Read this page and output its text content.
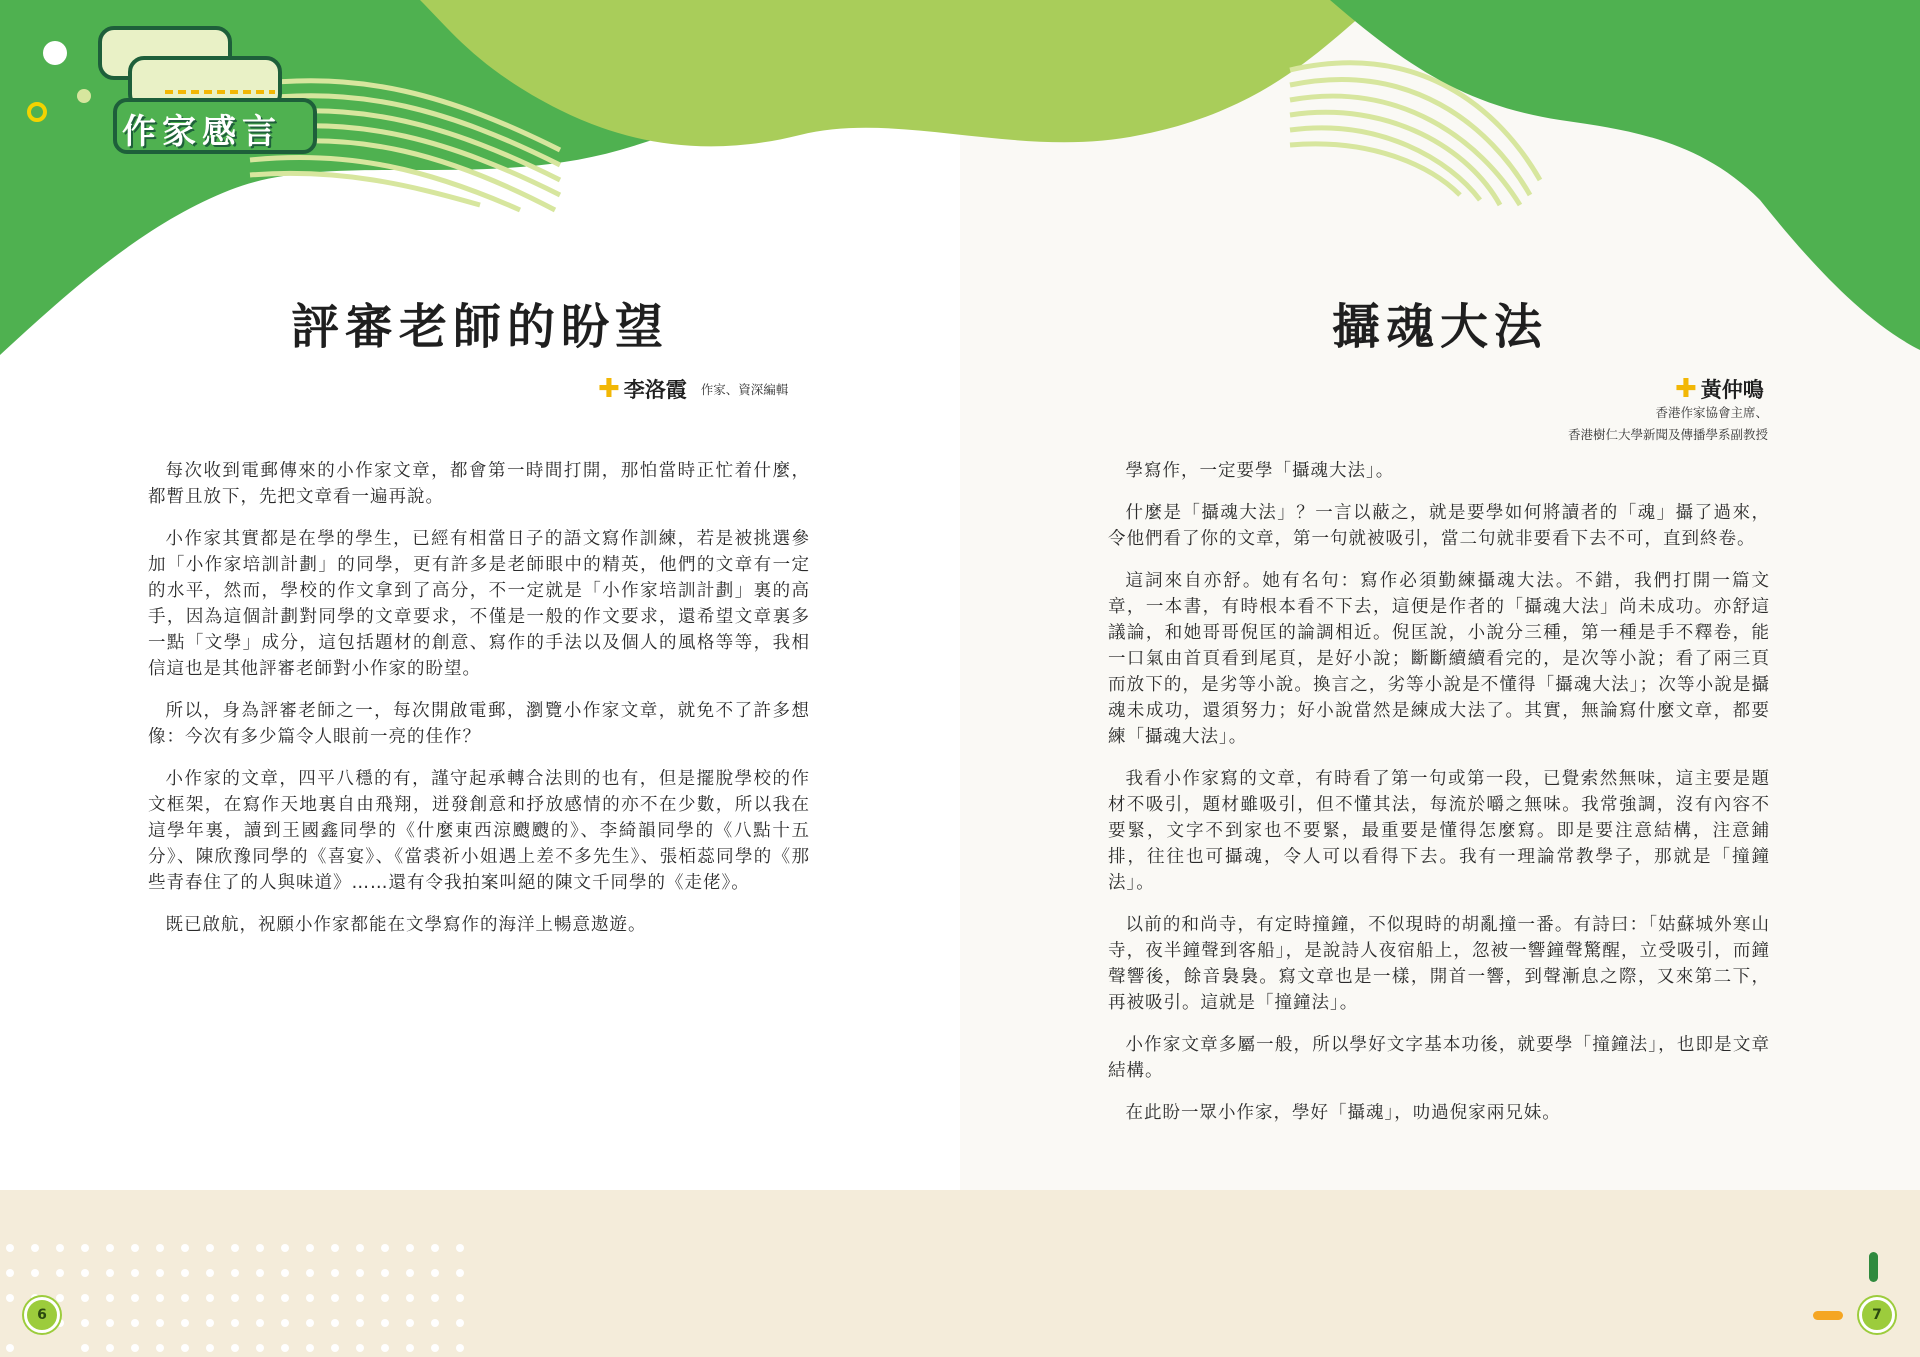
作 家 感 言
評審老師的盼望
✚ 李洛霞 作家、資深編輯

每次收到電郵傳來的小作家文章，都會第一時間打開，那怕當時正忙着什麼，都暫且放下，先把文章看一遍再說。

小作家其實都是在學的學生，已經有相當日子的語文寫作訓練，若是被挑選參加「小作家培訓計劃」的同學，更有許多是老師眼中的精英，他們的文章有一定的水平，然而，學校的作文拿到了高分，不一定就是「小作家培訓計劃」裏的高手，因為這個計劃對同學的文章要求，不僅是一般的作文要求，還希望文章裏多一點「文學」成分，這包括題材的創意、寫作的手法以及個人的風格等等，我相信這也是其他評審老師對小作家的盼望。

所以，身為評審老師之一，每次開啟電郵，瀏覽小作家文章，就免不了許多想像：今次有多少篇令人眼前一亮的佳作？

小作家的文章，四平八穩的有，謹守起承轉合法則的也有，但是擺脫學校的作文框架，在寫作天地裏自由飛翔，迸發創意和抒放感情的亦不在少數，所以我在這學年裏，讀到王國鑫同學的《什麼東西涼颼颼的》、李綺韻同學的《八點十五分》、陳欣豫同學的《喜宴》、《當裘祈小姐遇上差不多先生》、張栢蕊同學的《那些青春住了的人與味道》……還有令我拍案叫絕的陳文千同學的《走佬》。

既已啟航，祝願小作家都能在文學寫作的海洋上暢意遨遊。

攝魂大法
✚ 黃仲鳴
香港作家協會主席、
香港樹仁大學新聞及傳播學系副教授

學寫作，一定要學「攝魂大法」。

什麼是「攝魂大法」？一言以蔽之，就是要學如何將讀者的「魂」攝了過來，令他們看了你的文章，第一句就被吸引，當二句就非要看下去不可，直到終卷。

這詞來自亦舒。她有名句：寫作必須勤練攝魂大法。不錯，我們打開一篇文章，一本書，有時根本看不下去，這便是作者的「攝魂大法」尚未成功。亦舒這議論，和她哥哥倪匡的論調相近。倪匡說，小說分三種，第一種是手不釋卷，能一口氣由首頁看到尾頁，是好小說；斷斷續續看完的，是次等小說；看了兩三頁而放下的，是劣等小說。換言之，劣等小說是不懂得「攝魂大法」；次等小說是攝魂未成功，還須努力；好小說當然是練成大法了。其實，無論寫什麼文章，都要練「攝魂大法」。

我看小作家寫的文章，有時看了第一句或第一段，已覺索然無味，這主要是題材不吸引，題材雖吸引，但不懂其法，每流於嚼之無味。我常強調，沒有內容不要緊，文字不到家也不要緊，最重要是懂得怎麼寫。即是要注意結構，注意鋪排，往往也可攝魂，令人可以看得下去。我有一理論常教學子，那就是「撞鐘法」。

以前的和尚寺，有定時撞鐘，不似現時的胡亂撞一番。有詩曰：「姑蘇城外寒山寺，夜半鐘聲到客船」，是說詩人夜宿船上，忽被一響鐘聲驚醒，立受吸引，而鐘聲響後，餘音裊裊。寫文章也是一樣，開首一響，到聲漸息之際，又來第二下，再被吸引。這就是「撞鐘法」。

小作家文章多屬一般，所以學好文字基本功後，就要學「撞鐘法」，也即是文章結構。

在此盼一眾小作家，學好「攝魂」，叻過倪家兩兄妹。

6	7
